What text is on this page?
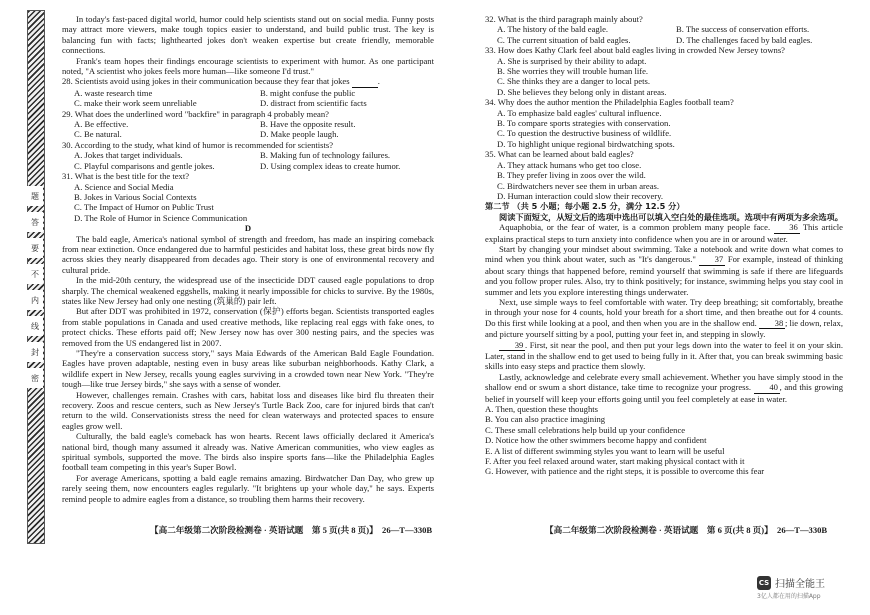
题
答
要
不
内
线
封
密

In today's fast-paced digital world, humor could help scientists stand out on social media. Funny posts may attract more viewers, make tough topics easier to understand, and build public trust. The key is balancing fun with facts; lighthearted jokes don't weaken expertise but create friendly, memorable connections.

Frank's team hopes their findings encourage scientists to experiment with humor. As one participant noted, "A scientist who jokes feels more human—like someone I'd trust."

28. Scientists avoid using jokes in their communication because they fear that jokes	.

A. waste research time	B. might confuse the public
C. make their work seem unreliable	D. distract from scientific facts

29. What does the underlined word "backfire" in paragraph 4 probably mean?

A. Be effective.	B. Have the opposite result.
C. Be natural.	D. Make people laugh.

30. According to the study, what kind of humor is recommended for scientists?

A. Jokes that target individuals.	B. Making fun of technology failures.
C. Playful comparisons and gentle jokes.	D. Using complex ideas to create humor.

31. What is the best title for the text?

A. Science and Social Media

B. Jokes in Various Social Contexts

C. The Impact of Humor on Public Trust

D. The Role of Humor in Science Communication

D

The bald eagle, America's national symbol of strength and freedom, has made an inspiring comeback from near extinction. Once endangered due to harmful pesticides and habitat loss, these great birds now fly across skies they nearly disappeared from decades ago. Their story is one of environmental recovery and cultural pride.

In the mid-20th century, the widespread use of the insecticide DDT caused eagle populations to drop sharply. The chemical weakened eggshells, making it nearly impossible for chicks to survive. By the 1980s, states like New Jersey had only one nesting (筑巢的) pair left.

But after DDT was prohibited in 1972, conservation (保护) efforts began. Scientists transported eagles from stable populations in Canada and used creative methods, like replacing real eggs with fake ones, to protect chicks. These efforts paid off; New Jersey now has over 300 nesting pairs, and the species was removed from the US endangered list in 2007.

"They're a conservation success story," says Maia Edwards of the American Bald Eagle Foundation. Eagles have proven adaptable, nesting even in busy areas like suburban neighborhoods. Kathy Clark, a wildlife expert in New Jersey, recalls young eagles surviving in a crowded town near New York. "They're tough—like true Jersey birds," she says with a sense of wonder.

However, challenges remain. Crashes with cars, habitat loss and diseases like bird flu threaten their recovery. Zoos and rescue centers, such as New Jersey's Turtle Back Zoo, care for injured birds that can't return to the wild. Conservationists stress the need for clean waterways and protected spaces to ensure eagles grow well.

Culturally, the bald eagle's comeback has won hearts. Recent laws officially declared it America's national bird, though many assumed it already was. Native American communities, who view eagles as spiritual symbols, supported the move. The birds also inspire sports fans—like the Philadelphia Eagles football team competing in this year's Super Bowl.

For average Americans, spotting a bald eagle remains amazing. Birdwatcher Dan Day, who grew up rarely seeing them, now encounters eagles regularly. "It brightens up your whole day," he says. Experts remind people to admire eagles from a distance, so troubling them harms their recovery.

【高二年级第二次阶段检测卷 · 英语试题　第 5 页(共 8 页)】　26—T—330B

32. What is the third paragraph mainly about?

A. The history of the bald eagle.	B. The success of conservation efforts.
C. The current situation of bald eagles.	D. The challenges faced by bald eagles.

33. How does Kathy Clark feel about bald eagles living in crowded New Jersey towns?

A. She is surprised by their ability to adapt.

B. She worries they will trouble human life.

C. She thinks they are a danger to local pets.

D. She believes they belong only in distant areas.

34. Why does the author mention the Philadelphia Eagles football team?

A. To emphasize bald eagles' cultural influence.

B. To compare sports strategies with conservation.

C. To question the destructive business of wildlife.

D. To highlight unique regional birdwatching spots.

35. What can be learned about bald eagles?

A. They attack humans who get too close.

B. They prefer living in zoos over the wild.

C. Birdwatchers never see them in urban areas.

D. Human interaction could slow their recovery.

第二节 （共 5 小题；每小题 2.5 分，满分 12.5 分）

阅读下面短文，从短文后的选项中选出可以填入空白处的最佳选项。选项中有两项为多余选项。

Aquaphobia, or the fear of water, is a common problem many people face. 36 This article explains practical steps to turn anxiety into confidence when you are in or around water.

Start by changing your mindset about swimming. Take a notebook and write down what comes to mind when you think about water, such as "It's dangerous." 37 For example, instead of thinking about scary things that happened before, remind yourself that swimming is safe if there are lifeguards and you follow proper rules. Also, try to think positively; for instance, swimming helps you stay cool in summer and lets you explore interesting things underwater.

Next, use simple ways to feel comfortable with water. Try deep breathing; sit comfortably, breathe in through your nose for 4 counts, hold your breath for a short time, and then breathe out for 4 counts. Do this first while looking at a pool, and then when you are in the shallow end. 38 ; lie down, relax, and picture yourself sitting by a pool, putting your feet in, and stepping in slowly.

39 . First, sit near the pool, and then put your legs down into the water to feel it on your skin. Later, stand in the shallow end to get used to being fully in it. After that, you can break swimming basic skills into easy steps and practice them slowly.

Lastly, acknowledge and celebrate every small achievement. Whether you have simply stood in the shallow end or swum a short distance, take time to recognize your progress. 40 , and this growing belief in yourself will keep your efforts going until you feel completely at ease in water.

A. Then, question these thoughts

B. You can also practice imagining

C. These small celebrations help build up your confidence

D. Notice how the other swimmers become happy and confident

E. A list of different swimming styles you want to learn will be useful

F. After you feel relaxed around water, start making physical contact with it

G. However, with patience and the right steps, it is possible to overcome this fear

【高二年级第二次阶段检测卷 · 英语试题　第 6 页(共 8 页)】　26—T—330B
CS 扫描全能王
3亿人都在用的扫描App
